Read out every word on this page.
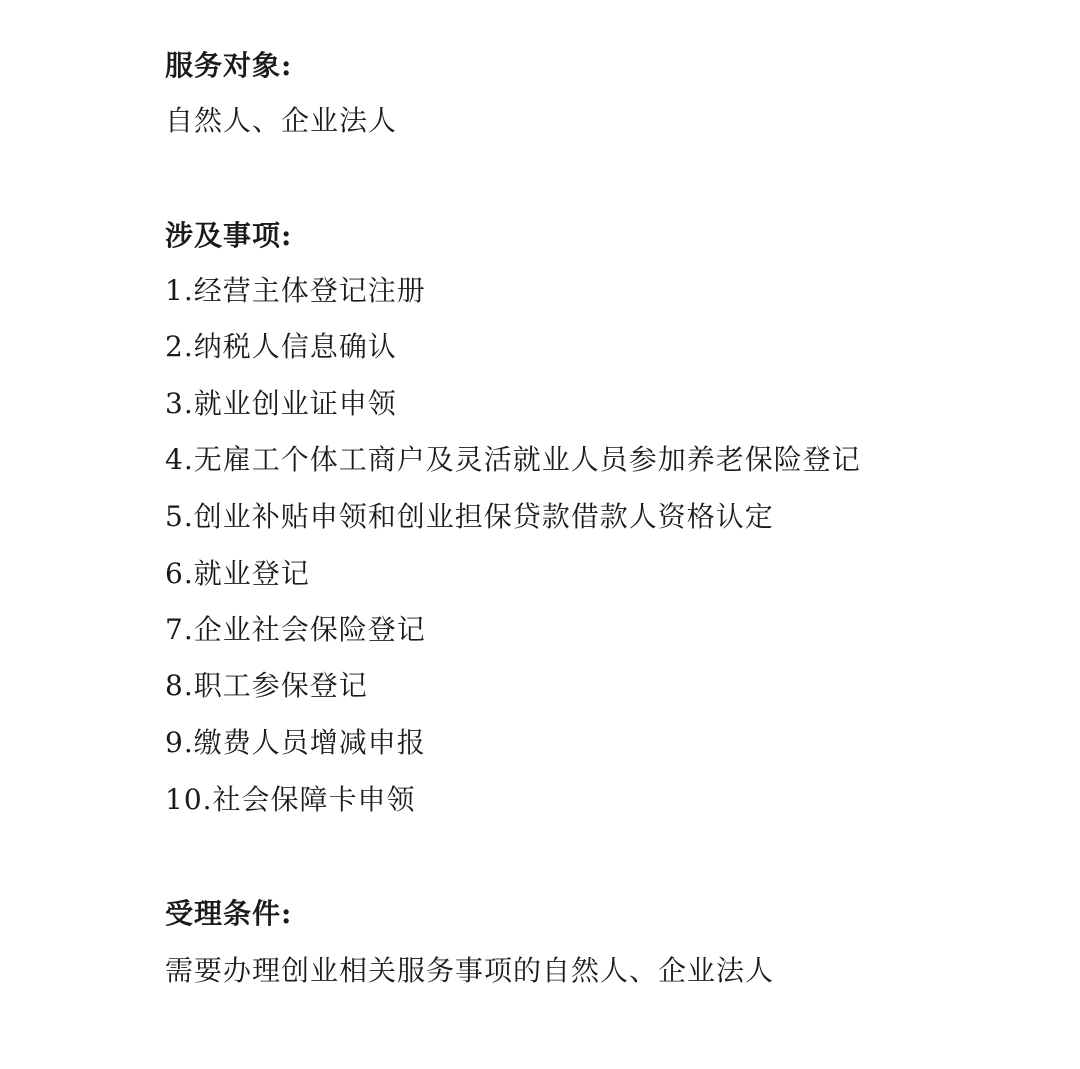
服务对象:
自然人、企业法人
涉及事项:
1.经营主体登记注册
2.纳税人信息确认
3.就业创业证申领
4.无雇工个体工商户及灵活就业人员参加养老保险登记
5.创业补贴申领和创业担保贷款借款人资格认定
6.就业登记
7.企业社会保险登记
8.职工参保登记
9.缴费人员增减申报
10.社会保障卡申领
受理条件:
需要办理创业相关服务事项的自然人、企业法人
